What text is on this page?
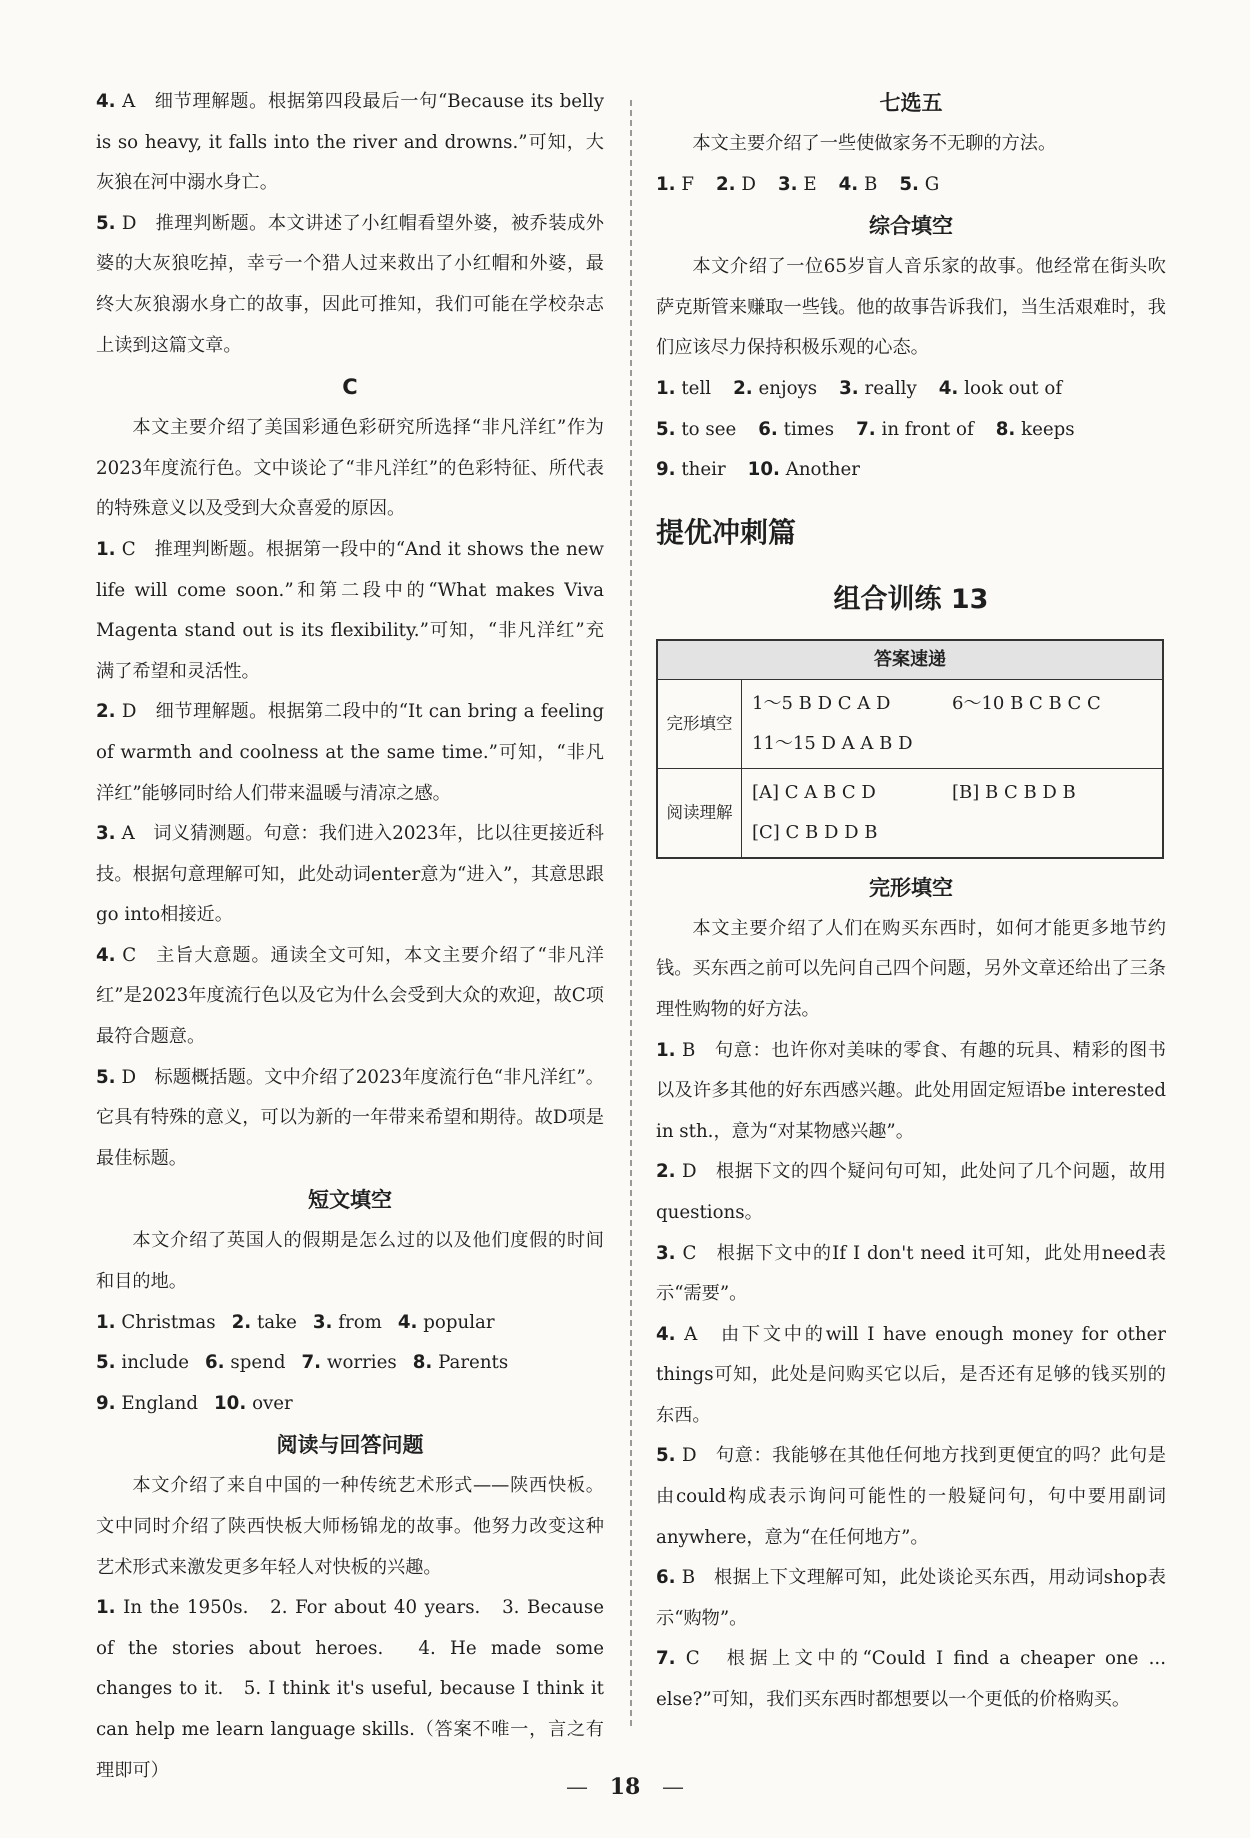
4. A　细节理解题。根据第四段最后一句“Because its belly is so heavy, it falls into the river and drowns.”可知，大灰狼在河中溺水身亡。

5. D　推理判断题。本文讲述了小红帽看望外婆，被乔装成外婆的大灰狼吃掉，幸亏一个猎人过来救出了小红帽和外婆，最终大灰狼溺水身亡的故事，因此可推知，我们可能在学校杂志上读到这篇文章。

C

本文主要介绍了美国彩通色彩研究所选择“非凡洋红”作为2023年度流行色。文中谈论了“非凡洋红”的色彩特征、所代表的特殊意义以及受到大众喜爱的原因。

1. C　推理判断题。根据第一段中的“And it shows the new life will come soon.”和第二段中的“What makes Viva Magenta stand out is its flexibility.”可知，“非凡洋红”充满了希望和灵活性。

2. D　细节理解题。根据第二段中的“It can bring a feeling of warmth and coolness at the same time.”可知，“非凡洋红”能够同时给人们带来温暖与清凉之感。

3. A　词义猜测题。句意：我们进入2023年，比以往更接近科技。根据句意理解可知，此处动词enter意为“进入”，其意思跟go into相接近。

4. C　主旨大意题。通读全文可知，本文主要介绍了“非凡洋红”是2023年度流行色以及它为什么会受到大众的欢迎，故C项最符合题意。

5. D　标题概括题。文中介绍了2023年度流行色“非凡洋红”。它具有特殊的意义，可以为新的一年带来希望和期待。故D项是最佳标题。

短文填空

本文介绍了英国人的假期是怎么过的以及他们度假的时间和目的地。

1. Christmas 2. take 3. from 4. popular
5. include 6. spend 7. worries 8. Parents
9. England 10. over
阅读与回答问题

本文介绍了来自中国的一种传统艺术形式——陕西快板。文中同时介绍了陕西快板大师杨锦龙的故事。他努力改变这种艺术形式来激发更多年轻人对快板的兴趣。

1. In the 1950s.　2. For about 40 years.　3. Because of the stories about heroes.　4. He made some changes to it.　5. I think it's useful, because I think it can help me learn language skills.（答案不唯一，言之有理即可）

七选五

本文主要介绍了一些使做家务不无聊的方法。

1. F 2. D 3. E 4. B 5. G
综合填空

本文介绍了一位65岁盲人音乐家的故事。他经常在街头吹萨克斯管来赚取一些钱。他的故事告诉我们，当生活艰难时，我们应该尽力保持积极乐观的心态。

1. tell 2. enjoys 3. really 4. look out of
5. to see 6. times 7. in front of 8. keeps
9. their 10. Another
提优冲刺篇
组合训练 13
答案速递	
完形填空	1～5 B D C A D 6～10 B C B C C
11～15 D A A B D

阅读理解	[A] C A B C D [B] B C B D B
[C] C B D D B
完形填空

本文主要介绍了人们在购买东西时，如何才能更多地节约钱。买东西之前可以先问自己四个问题，另外文章还给出了三条理性购物的好方法。

1. B　句意：也许你对美味的零食、有趣的玩具、精彩的图书以及许多其他的好东西感兴趣。此处用固定短语be interested in sth.，意为“对某物感兴趣”。

2. D　根据下文的四个疑问句可知，此处问了几个问题，故用questions。

3. C　根据下文中的If I don't need it可知，此处用need表示“需要”。

4. A　由下文中的will I have enough money for other things可知，此处是问购买它以后，是否还有足够的钱买别的东西。

5. D　句意：我能够在其他任何地方找到更便宜的吗？此句是由could构成表示询问可能性的一般疑问句，句中要用副词anywhere，意为“在任何地方”。

6. B　根据上下文理解可知，此处谈论买东西，用动词shop表示“购物”。

7. C　根据上文中的“Could I find a cheaper one ... else?”可知，我们买东西时都想要以一个更低的价格购买。

— 18 —
